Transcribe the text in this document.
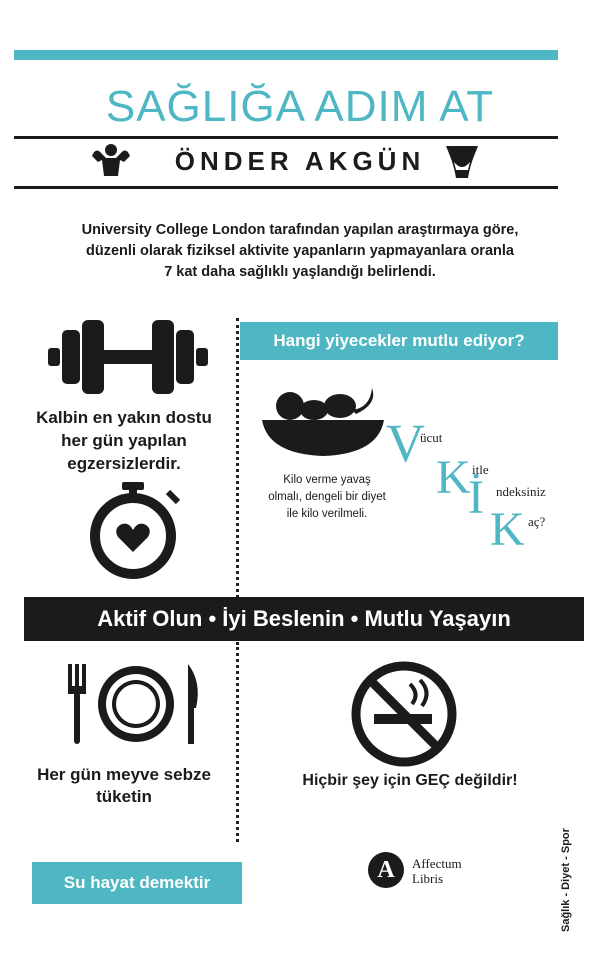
SAĞLIĞA ADIM AT
ÖNDER AKGÜN
University College London tarafından yapılan araştırmaya göre, düzenli olarak fiziksel aktivite yapanların yapmayanlara oranla 7 kat daha sağlıklı yaşlandığı belirlendi.
Kalbin en yakın dostu
her gün yapılan
egzersizlerdir.
Hangi yiyecekler mutlu ediyor?
Kilo verme yavaş
olmalı, dengeli bir diyet
ile kilo verilmeli.
V
ücut
K itle
İ ndeksiniz
K aç?
Aktif Olun • İyi Beslenin • Mutlu Yaşayın
Her gün meyve sebze
tüketin
Su hayat demektir
Hiçbir şey için GEÇ değildir!
A	Affectum
Libris	Sağlık - Diyet - Spor
